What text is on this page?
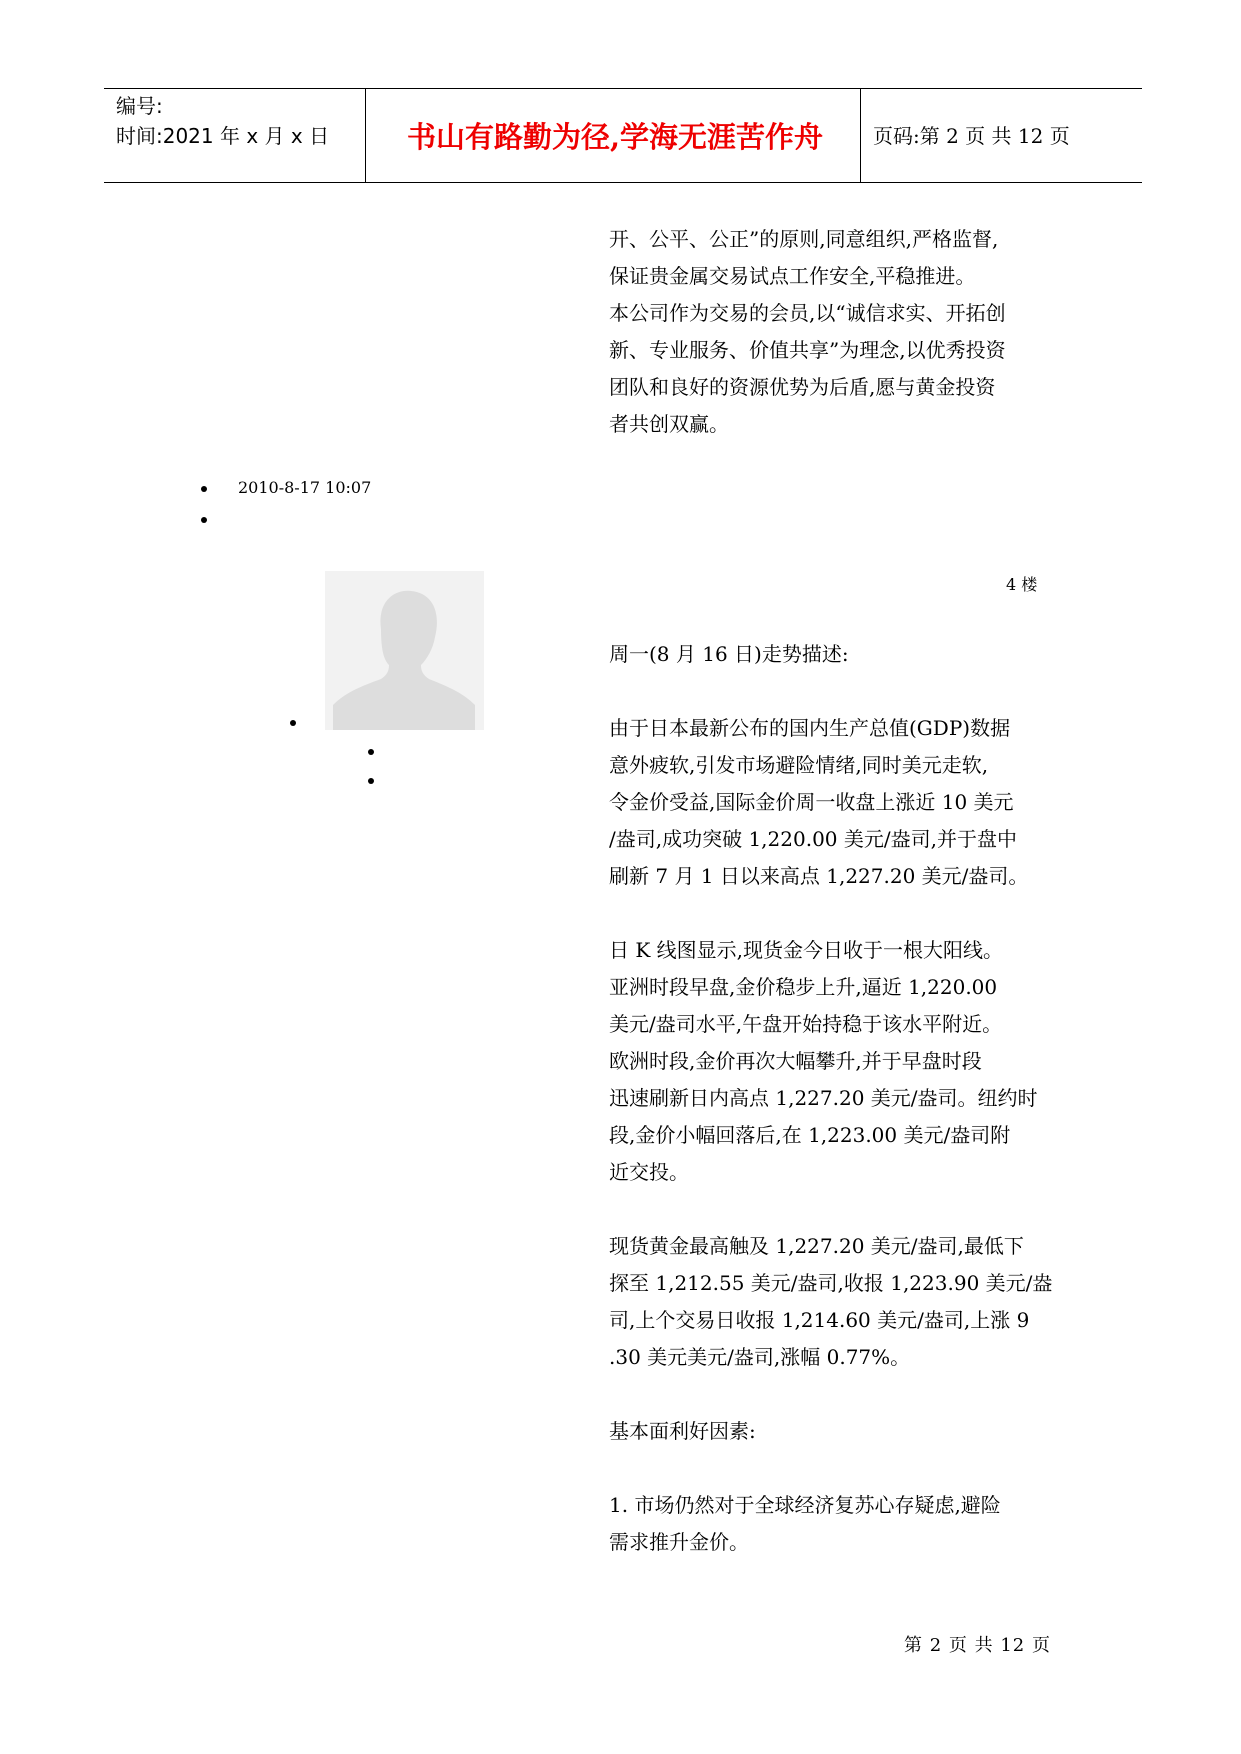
编号:
时间:2021 年 x 月 x 日	书山有路勤为径,学海无涯苦作舟	页码:第 2 页 共 12 页
开、公平、公正”的原则,同意组织,严格监督,
保证贵金属交易试点工作安全,平稳推进。
本公司作为交易的会员,以“诚信求实、开拓创
新、专业服务、价值共享”为理念,以优秀投资
团队和良好的资源优势为后盾,愿与黄金投资
者共创双赢。
2010-8-17 10:07
4 楼
周一(8 月 16 日)走势描述:
由于日本最新公布的国内生产总值(GDP)数据
意外疲软,引发市场避险情绪,同时美元走软,
令金价受益,国际金价周一收盘上涨近 10 美元
/盎司,成功突破 1,220.00 美元/盎司,并于盘中
刷新 7 月 1 日以来高点 1,227.20 美元/盎司。
日 K 线图显示,现货金今日收于一根大阳线。
亚洲时段早盘,金价稳步上升,逼近 1,220.00
美元/盎司水平,午盘开始持稳于该水平附近。
欧洲时段,金价再次大幅攀升,并于早盘时段
迅速刷新日内高点 1,227.20 美元/盎司。纽约时
段,金价小幅回落后,在 1,223.00 美元/盎司附
近交投。
现货黄金最高触及 1,227.20 美元/盎司,最低下
探至 1,212.55 美元/盎司,收报 1,223.90 美元/盎
司,上个交易日收报 1,214.60 美元/盎司,上涨 9
.30 美元美元/盎司,涨幅 0.77%。
基本面利好因素:
1. 市场仍然对于全球经济复苏心存疑虑,避险
需求推升金价。
第 2 页 共 12 页
